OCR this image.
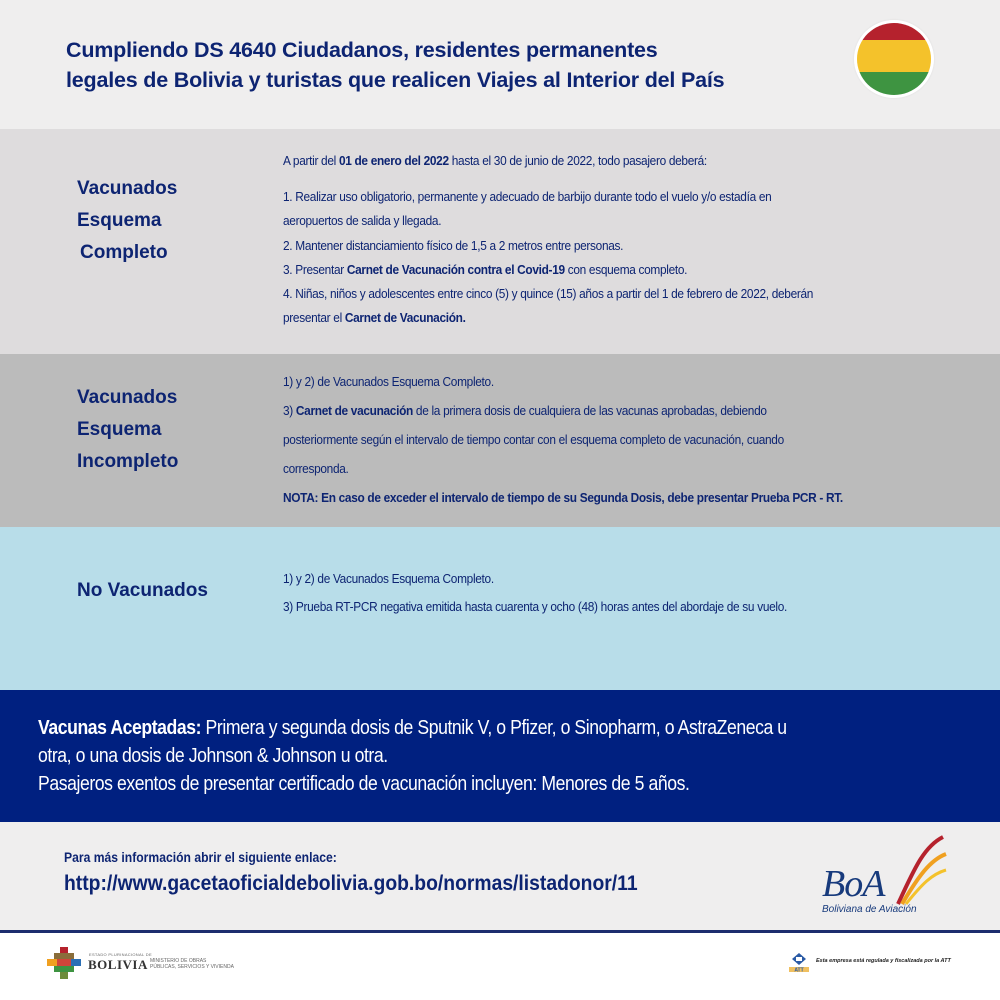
Cumpliendo DS 4640 Ciudadanos, residentes permanentes
legales de Bolivia y turistas que realicen Viajes al Interior del País
Vacunados
Esquema
Completo
A partir del 01 de enero del 2022 hasta el 30 de junio de 2022, todo pasajero deberá:
1. Realizar uso obligatorio, permanente y adecuado de barbijo durante todo el vuelo y/o estadía en
aeropuertos de salida y llegada.
2. Mantener distanciamiento físico de 1,5 a 2 metros entre personas.
3. Presentar Carnet de Vacunación contra el Covid-19 con esquema completo.
4. Niñas, niños y adolescentes entre cinco (5) y quince (15) años a partir del 1 de febrero de 2022, deberán
presentar el Carnet de Vacunación.
Vacunados
Esquema
Incompleto
1) y 2) de Vacunados Esquema Completo.
3) Carnet de vacunación de la primera dosis de cualquiera de las vacunas aprobadas, debiendo
posteriormente según el intervalo de tiempo contar con el esquema completo de vacunación, cuando
corresponda.
NOTA: En caso de exceder el intervalo de tiempo de su Segunda Dosis, debe presentar Prueba PCR - RT.
No Vacunados
1) y 2) de Vacunados Esquema Completo.
3) Prueba RT-PCR negativa emitida hasta cuarenta y ocho (48) horas antes del abordaje de su vuelo.
Vacunas Aceptadas: Primera y segunda dosis de Sputnik V, o Pfizer, o Sinopharm, o AstraZeneca u
otra, o una dosis de Johnson & Johnson u otra.
Pasajeros exentos de presentar certificado de vacunación incluyen: Menores de 5 años.
Para más información abrir el siguiente enlace:
http://www.gacetaoficialdebolivia.gob.bo/normas/listadonor/11	BoA
Boliviana de Aviación
ESTADO PLURINACIONAL DE
BOLIVIA MINISTERIO DE OBRAS
PÚBLICAS, SERVICIOS Y VIVIENDA
ATT
Esta empresa está regulada y fiscalizada por la ATT
